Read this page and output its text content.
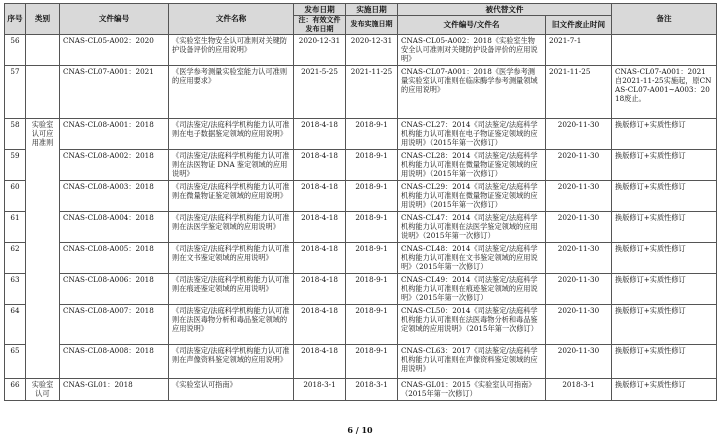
序号	类别	文件编号	文件名称	发布日期	实施日期	被代替文件		备注
				注：有效文件发布日期	发布实施日期	文件编号/文件名	旧文件废止时间	
56		CNAS-CL05-A002：2020	《实验室生物安全认可准则对关键防护设备评价的应用说明》	2020-12-31	2020-12-31	CNAS-CL05-A002：2018《实验室生物安全认可准则对关键防护设备评价的应用说明》	2021-7-1	
57		CNAS-CL07-A001：2021	《医学参考测量实验室能力认可准则的应用要求》	2021-5-25	2021-11-25	CNAS-CL07-A001：2018《医学参考测量实验室认可准则在临床酶学参考测量领域的应用说明》	2021-11-25	CNAS-CL07-A001：2021自2021-11-25实施起，原CNAS-CL07-A001~A003：2018废止。
58	实验室认可应用准则	CNAS-CL08-A001：2018	《司法鉴定/法庭科学机构能力认可准则在电子数据鉴定领域的应用说明》	2018-4-18	2018-9-1	CNAS-CL27：2014《司法鉴定/法庭科学机构能力认可准则在电子物证鉴定领域的应用说明》（2015年第一次修订）	2020-11-30	换版修订+实质性修订
59		CNAS-CL08-A002：2018	《司法鉴定/法庭科学机构能力认可准则在法医物证 DNA 鉴定领域的应用说明》	2018-4-18	2018-9-1	CNAS-CL28：2014《司法鉴定/法庭科学机构能力认可准则在微量物证鉴定领域的应用说明》（2015年第一次修订）	2020-11-30	换版修订+实质性修订
60		CNAS-CL08-A003：2018	《司法鉴定/法庭科学机构能力认可准则在微量物证鉴定领域的应用说明》	2018-4-18	2018-9-1	CNAS-CL29：2014《司法鉴定/法庭科学机构能力认可准则在微量物证鉴定领域的应用说明》（2015年第一次修订）	2020-11-30	换版修订+实质性修订
61		CNAS-CL08-A004：2018	《司法鉴定/法庭科学机构能力认可准则在法医学鉴定领域的应用说明》	2018-4-18	2018-9-1	CNAS-CL47：2014《司法鉴定/法庭科学机构能力认可准则在法医学鉴定领域的应用说明》（2015年第一次修订）	2020-11-30	换版修订+实质性修订
62		CNAS-CL08-A005：2018	《司法鉴定/法庭科学机构能力认可准则在文书鉴定领域的应用说明》	2018-4-18	2018-9-1	CNAS-CL48：2014《司法鉴定/法庭科学机构能力认可准则在文书鉴定领域的应用说明》（2015年第一次修订）	2020-11-30	换版修订+实质性修订
63		CNAS-CL08-A006：2018	《司法鉴定/法庭科学机构能力认可准则在痕迹鉴定领域的应用说明》	2018-4-18	2018-9-1	CNAS-CL49：2014《司法鉴定/法庭科学机构能力认可准则在痕迹鉴定领域的应用说明》（2015年第一次修订）	2020-11-30	换版修订+实质性修订
64		CNAS-CL08-A007：2018	《司法鉴定/法庭科学机构能力认可准则在法医毒物分析和毒品鉴定领域的应用说明》	2018-4-18	2018-9-1	CNAS-CL50：2014《司法鉴定/法庭科学机构能力认可准则在法医毒物分析和毒品鉴定领域的应用说明》（2015年第一次修订）	2020-11-30	换版修订+实质性修订
65		CNAS-CL08-A008：2018	《司法鉴定/法庭科学机构能力认可准则在声像资料鉴定领域的应用说明》	2018-4-18	2018-9-1	CNAS-CL63：2017《司法鉴定/法庭科学机构能力认可准则在声像资料鉴定领域的应用说明》	2020-11-30	换版修订+实质性修订
66	实验室认可	CNAS-GL01：2018	《实验室认可指南》	2018-3-1	2018-3-1	CNAS-GL01：2015《实验室认可指南》（2015年第一次修订）	2018-3-1	换版修订+实质性修订
6 / 10
